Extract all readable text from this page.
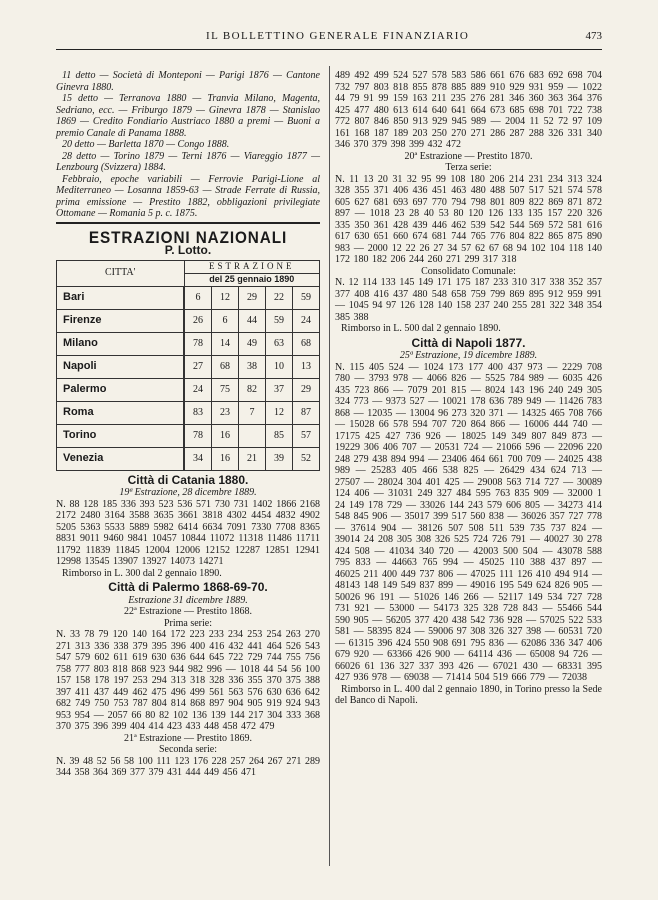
IL BOLLETTINO GENERALE FINANZIARIO	473

11 detto — Società di Monteponi — Parigi 1876 — Cantone Ginevra 1880.

15 detto — Terranova 1880 — Tranvia Milano, Magenta, Sedriano, ecc. — Friburgo 1879 — Ginevra 1878 — Stanislao 1869 — Credito Fondiario Austriaco 1880 a premi — Buoni a premio Canale di Panama 1888.

20 detto — Barletta 1870 — Congo 1888.

28 detto — Torino 1879 — Terni 1876 — Viareggio 1877 — Lenzbourg (Svizzera) 1884.

Febbraio, epoche variabili — Ferrovie Parigi-Lione al Mediterraneo — Losanna 1859-63 — Strade Ferrate di Russia, prima emissione — Prestito 1882, obbligazioni privilegiate Ottomane — Romania 5 p. c. 1875.

ESTRAZIONI NAZIONALI
P. Lotto.
CITTA'	ESTRAZIONE				
	del 25 gennaio 1890				
Bari	6	12	29	22	59
Firenze	26	6	44	59	24
Milano	78	14	49	63	68
Napoli	27	68	38	10	13
Palermo	24	75	82	37	29
Roma	83	23	7	12	87
Torino	78	16		85	57
Venezia	34	16	21	39	52
Città di Catania 1880.
19ª Estrazione, 28 dicembre 1889.

N. 88 128 185 336 393 523 536 571 730 731 1402 1866 2168 2172 2480 3164 3588 3635 3661 3818 4302 4454 4832 4902 5205 5363 5533 5889 5982 6414 6634 7091 7330 7708 8365 8831 9011 9460 9841 10457 10844 11072 11318 11486 11711 11792 11839 11845 12004 12006 12152 12287 12851 12941 12998 13545 13907 13927 14073 14271

Rimborso in L. 300 dal 2 gennaio 1890.

Città di Palermo 1868-69-70.
Estrazione 31 dicembre 1889.
22ª Estrazione — Prestito 1868.
Prima serie:

N. 33 78 79 120 140 164 172 223 233 234 253 254 263 270 271 313 336 338 379 395 396 400 416 432 441 464 526 543 547 579 602 611 619 630 636 644 645 722 729 744 755 756 758 777 803 818 868 923 944 982 996 — 1018 44 54 56 100 157 158 178 197 253 294 313 318 328 336 355 370 375 388 397 411 437 449 462 475 496 499 561 563 576 630 636 642 682 749 750 753 787 804 814 868 897 904 905 919 924 943 953 954 — 2057 66 80 82 102 136 139 144 217 304 333 368 370 375 396 399 404 414 423 433 448 458 472 479

21ª Estrazione — Prestito 1869.
Seconda serie:

N. 39 48 52 56 58 100 111 123 176 228 257 264 267 271 289 344 358 364 369 377 379 431 444 449 456 471

489 492 499 524 527 578 583 586 661 676 683 692 698 704 732 797 803 818 855 878 885 889 910 929 931 959 — 1022 44 79 91 99 159 163 211 235 276 281 346 360 363 364 376 425 477 480 613 614 640 641 664 673 685 698 701 722 738 772 807 846 850 913 929 945 989 — 2004 11 52 72 97 109 161 168 187 189 203 250 270 271 286 287 288 326 331 340 346 370 379 398 399 432 472

20ª Estrazione — Prestito 1870.
Terza serie:

N. 11 13 20 31 32 95 99 108 180 206 214 231 234 313 324 328 355 371 406 436 451 463 480 488 507 517 521 574 578 605 627 681 693 697 770 794 798 801 809 822 869 871 872 897 — 1018 23 28 40 53 80 120 126 133 135 157 220 326 335 350 361 428 439 446 462 539 542 544 569 572 581 616 617 630 651 660 674 681 744 765 776 804 822 865 875 890 983 — 2000 12 22 26 27 34 57 62 67 68 94 102 104 118 140 172 180 182 206 244 260 271 299 317 318

Consolidato Comunale:

N. 12 114 133 145 149 171 175 187 233 310 317 338 352 357 377 408 416 437 480 548 658 759 799 869 895 912 959 991 — 1045 94 97 126 128 140 158 237 240 255 281 322 348 354 385 388

Rimborso in L. 500 dal 2 gennaio 1890.

Città di Napoli 1877.
25ª Estrazione, 19 dicembre 1889.

N. 115 405 524 — 1024 173 177 400 437 973 — 2229 708 780 — 3793 978 — 4066 826 — 5525 784 989 — 6035 426 435 723 866 — 7079 201 815 — 8024 143 196 240 249 305 324 773 — 9373 527 — 10021 178 636 789 949 — 11426 783 868 — 12035 — 13004 96 273 320 371 — 14325 465 708 766 — 15028 66 578 594 707 720 864 866 — 16006 444 740 — 17175 425 427 736 926 — 18025 149 349 807 849 873 — 19229 306 406 707 — 20531 724 — 21066 596 — 22096 220 248 279 438 894 994 — 23406 464 661 700 709 — 24025 438 989 — 25283 405 466 538 825 — 26429 434 624 713 — 27507 — 28024 304 401 425 — 29008 563 714 727 — 30089 124 406 — 31031 249 327 484 595 763 835 909 — 32000 1 24 149 178 729 — 33026 144 243 579 606 805 — 34273 414 548 845 906 — 35017 399 517 560 838 — 36026 357 727 778 — 37614 904 — 38126 507 508 511 539 735 737 824 — 39014 24 208 305 308 326 525 724 726 791 — 40027 30 278 424 508 — 41034 340 720 — 42003 500 504 — 43078 588 795 833 — 44663 765 994 — 45025 110 388 437 897 — 46025 211 400 449 737 806 — 47025 111 126 410 494 914 — 48143 148 149 549 837 899 — 49016 195 549 624 826 905 — 50026 96 191 — 51026 146 266 — 52117 149 534 727 728 731 921 — 53000 — 54173 325 328 728 843 — 55466 544 590 905 — 56205 377 420 438 542 736 928 — 57025 522 533 581 — 58395 824 — 59006 97 308 326 327 398 — 60531 720 — 61315 396 424 550 908 691 795 836 — 62086 336 347 406 679 920 — 63366 426 900 — 64114 436 — 65008 94 726 — 66026 61 136 327 337 393 426 — 67021 430 — 68331 395 427 936 978 — 69038 — 71414 504 519 666 779 — 72038

Rimborso in L. 400 dal 2 gennaio 1890, in Torino presso la Sede del Banco di Napoli.
